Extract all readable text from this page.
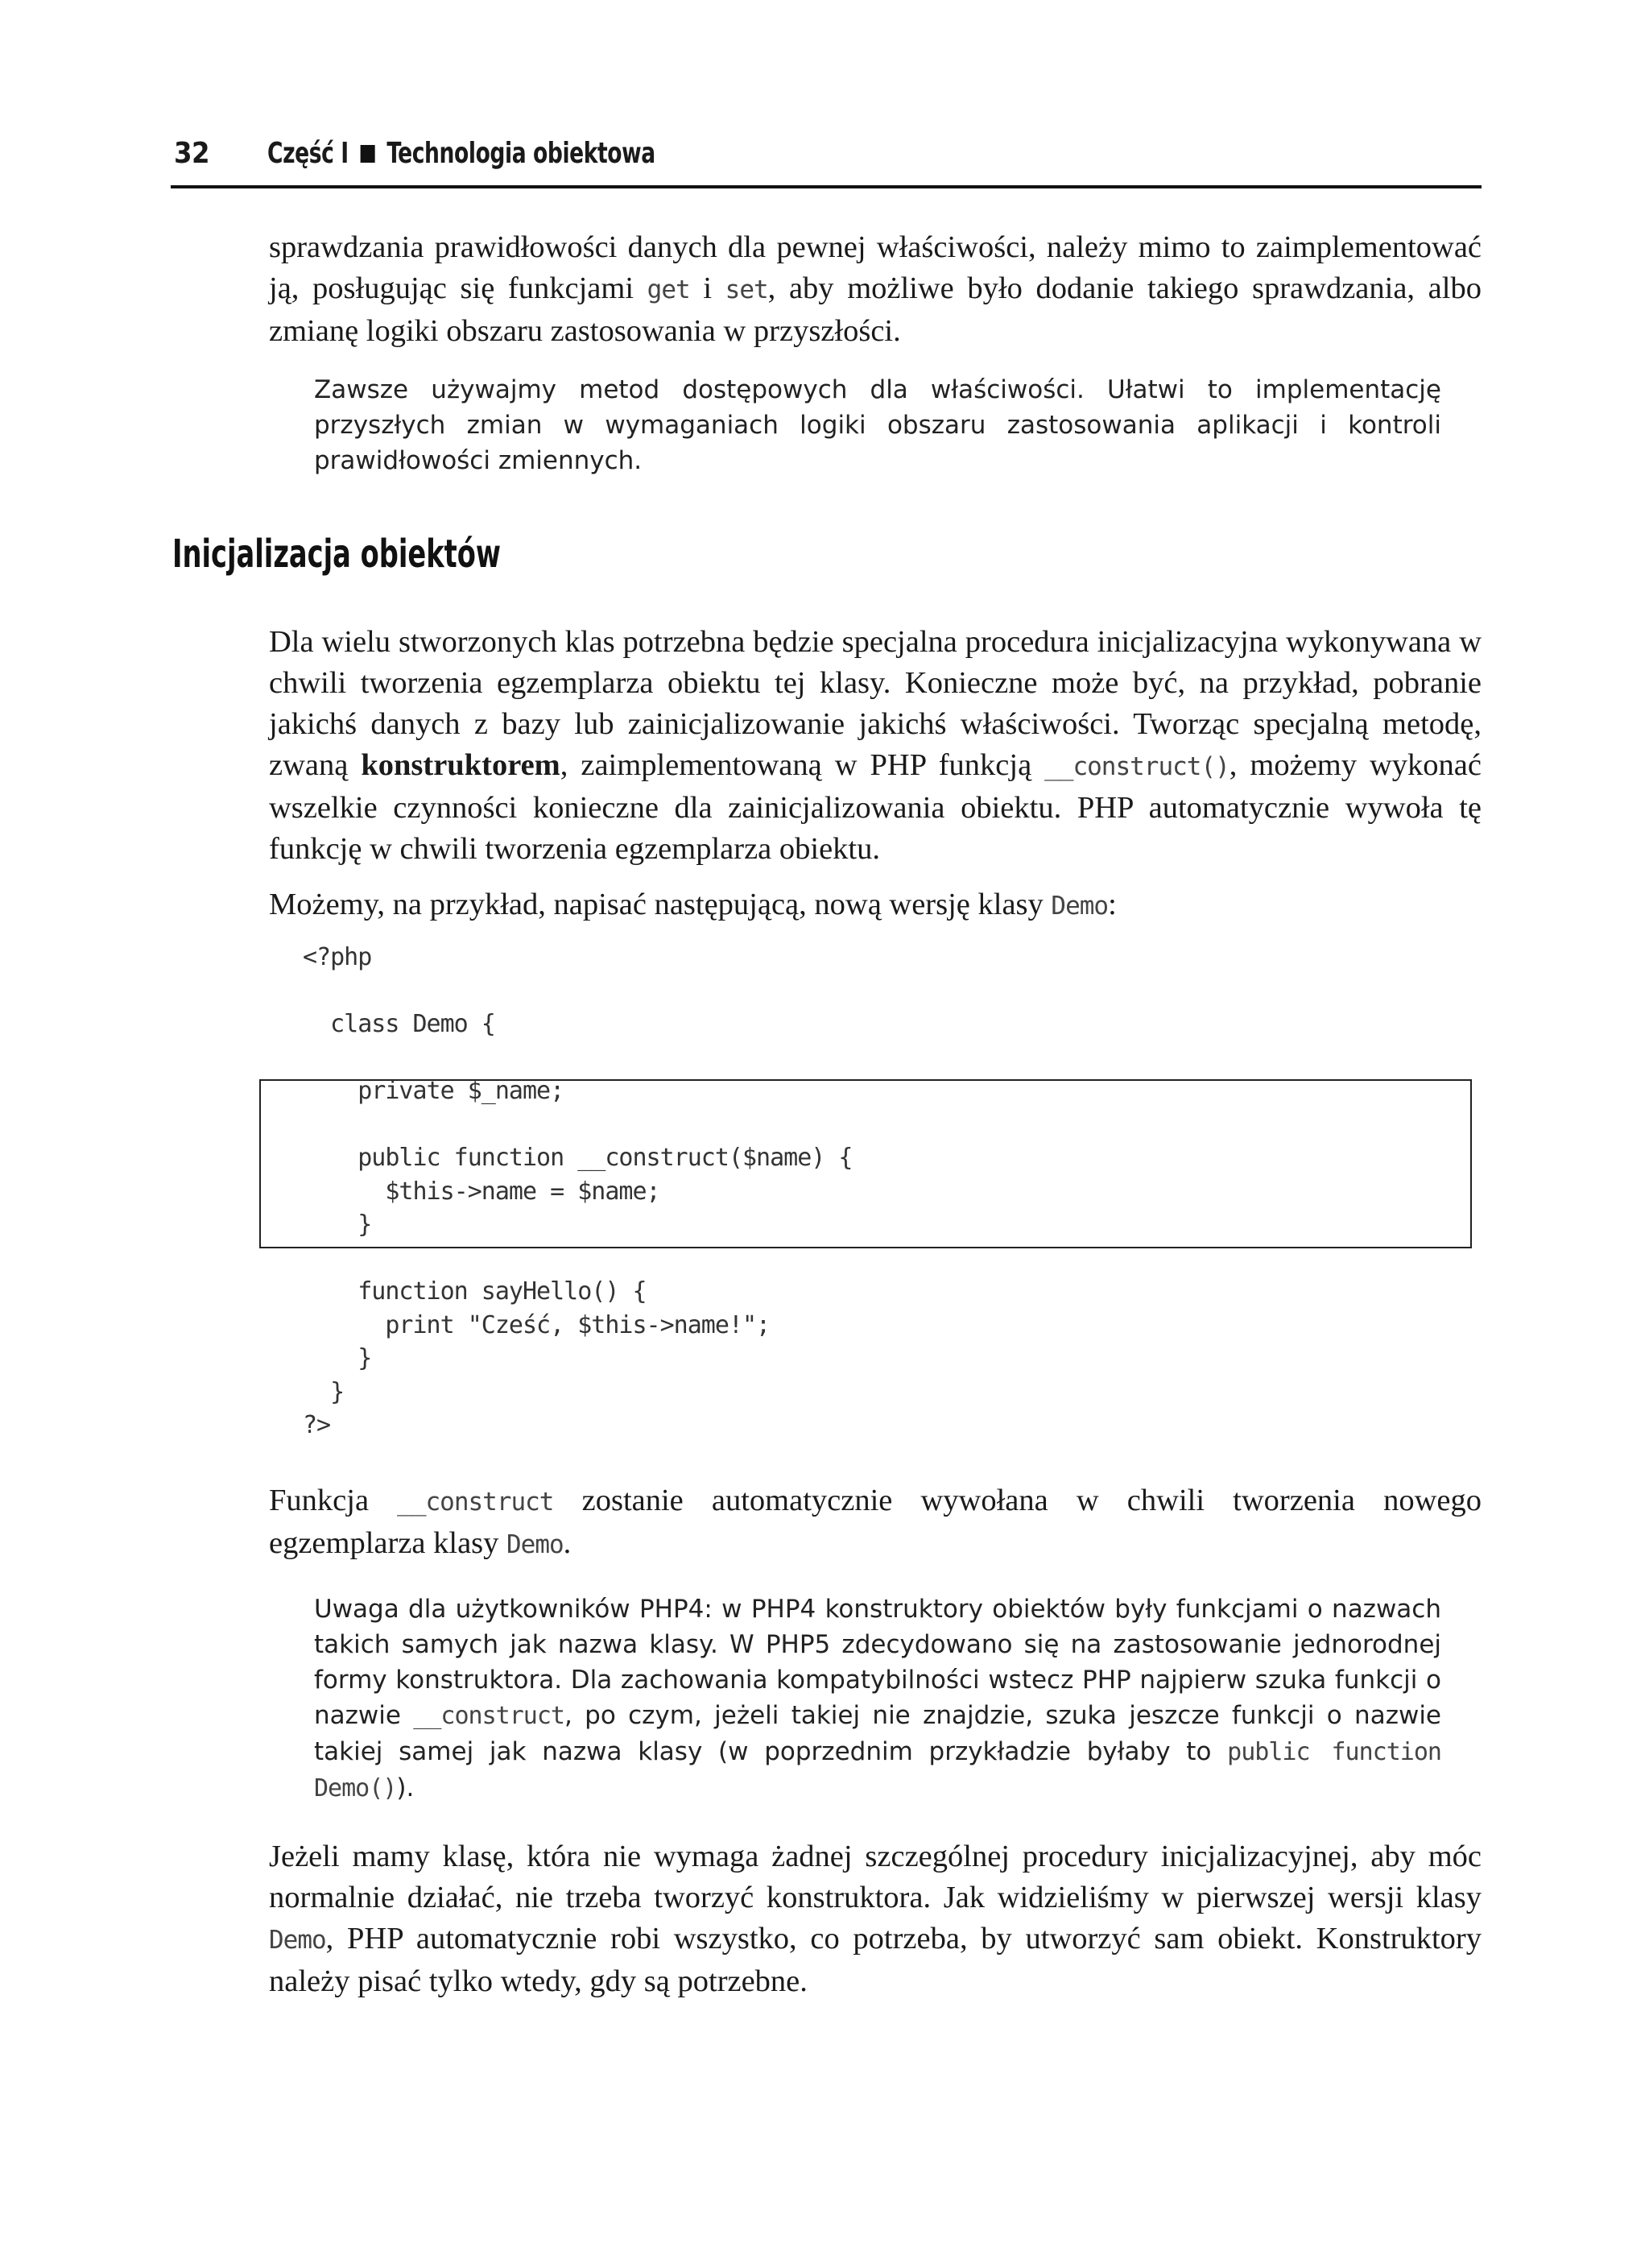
32 Część I Technologia obiektowa

sprawdzania prawidłowości danych dla pewnej właściwości, należy mimo to zaimplementować ją, posługując się funkcjami get i set, aby możliwe było dodanie takiego sprawdzania, albo zmianę logiki obszaru zastosowania w przyszłości.

Zawsze używajmy metod dostępowych dla właściwości. Ułatwi to implementację przyszłych zmian w wymaganiach logiki obszaru zastosowania aplikacji i kontroli prawidłowości zmiennych.

Inicjalizacja obiektów

Dla wielu stworzonych klas potrzebna będzie specjalna procedura inicjalizacyjna wykonywana w chwili tworzenia egzemplarza obiektu tej klasy. Konieczne może być, na przykład, pobranie jakichś danych z bazy lub zainicjalizowanie jakichś właściwości. Tworząc specjalną metodę, zwaną konstruktorem, zaimplementowaną w PHP funkcją __construct(), możemy wykonać wszelkie czynności konieczne dla zainicjalizowania obiektu. PHP automatycznie wywoła tę funkcję w chwili tworzenia egzemplarza obiektu.

Możemy, na przykład, napisać następującą, nową wersję klasy Demo:

<?php

class Demo {

private $_name;

public function __construct($name) {
$this->name = $name;
}

function sayHello() {
print "Cześć, $this->name!";
}
}
?>

Funkcja __construct zostanie automatycznie wywołana w chwili tworzenia nowego egzemplarza klasy Demo.

Uwaga dla użytkowników PHP4: w PHP4 konstruktory obiektów były funkcjami o nazwach takich samych jak nazwa klasy. W PHP5 zdecydowano się na zastosowanie jednorodnej formy konstruktora. Dla zachowania kompatybilności wstecz PHP najpierw szuka funkcji o nazwie __construct, po czym, jeżeli takiej nie znajdzie, szuka jeszcze funkcji o nazwie takiej samej jak nazwa klasy (w poprzednim przykładzie byłaby to public function Demo()).

Jeżeli mamy klasę, która nie wymaga żadnej szczególnej procedury inicjalizacyjnej, aby móc normalnie działać, nie trzeba tworzyć konstruktora. Jak widzieliśmy w pierwszej wersji klasy Demo, PHP automatycznie robi wszystko, co potrzeba, by utworzyć sam obiekt. Konstruktory należy pisać tylko wtedy, gdy są potrzebne.
